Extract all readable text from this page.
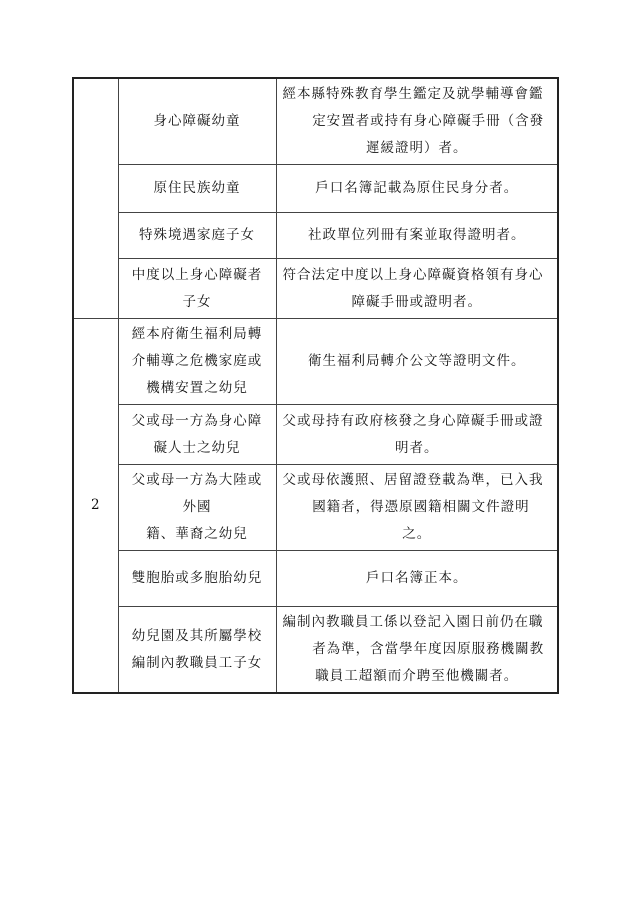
	身心障礙幼童	經本縣特殊教育學生鑑定及就學輔導會鑑
定安置者或持有身心障礙手冊（含發
遲緩證明）者。

	原住民族幼童	戶口名簿記載為原住民身分者。

	特殊境遇家庭子女	社政單位列冊有案並取得證明者。

	中度以上身心障礙者
子女	符合法定中度以上身心障礙資格領有身心
障礙手冊或證明者。

2	經本府衛生福利局轉
介輔導之危機家庭或
機構安置之幼兒	衛生福利局轉介公文等證明文件。

	父或母一方為身心障
礙人士之幼兒	父或母持有政府核發之身心障礙手冊或證
明者。

	父或母一方為大陸或
外國
籍、華裔之幼兒	父或母依護照、居留證登載為準，已入我
國籍者，得憑原國籍相關文件證明
之。

	雙胞胎或多胞胎幼兒	戶口名簿正本。

	幼兒園及其所屬學校
編制內教職員工子女	編制內教職員工係以登記入園日前仍在職
者為準，含當學年度因原服務機關教
職員工超額而介聘至他機關者。
